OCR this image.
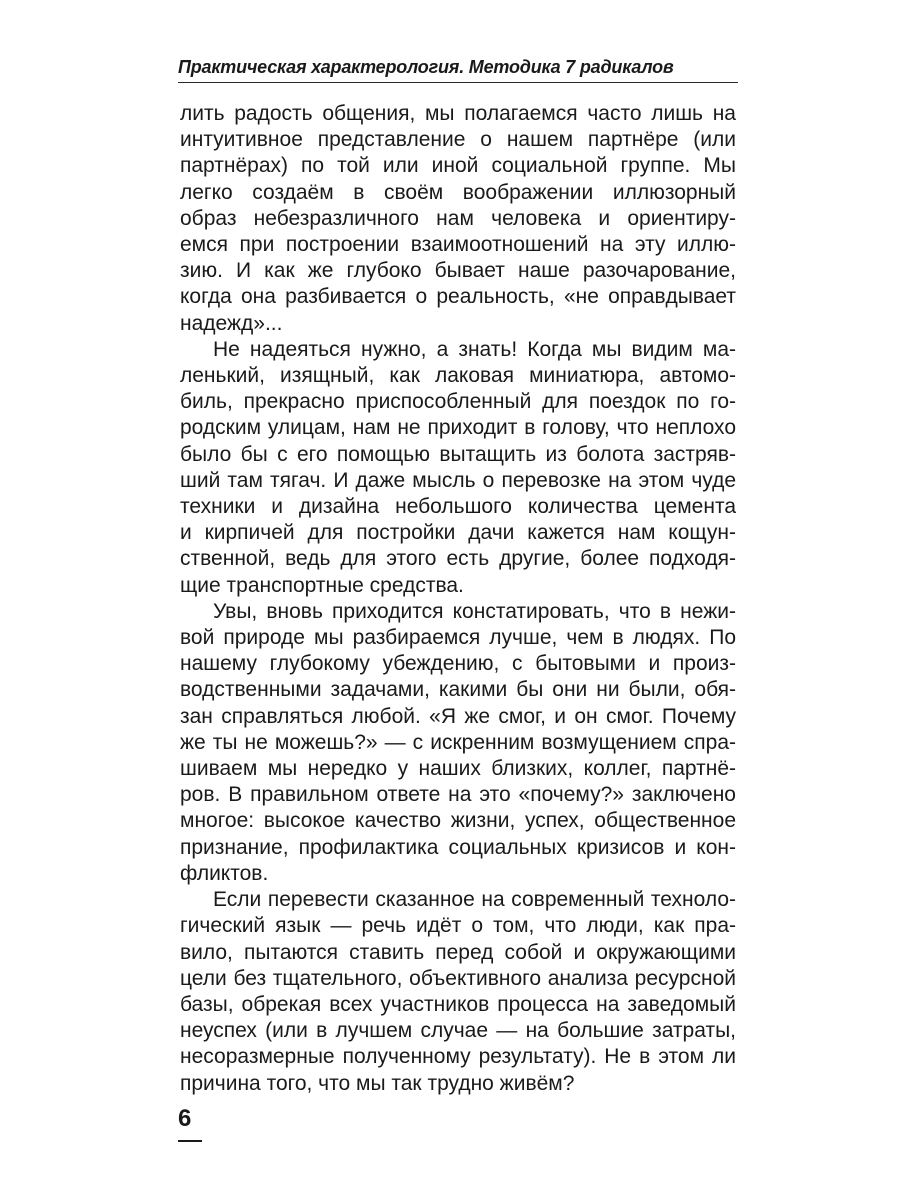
Практическая характерология. Методика 7 радикалов

лить радость общения, мы полагаемся часто лишь на
интуитивное представление о нашем партнёре (или
партнёрах) по той или иной социальной группе. Мы
легко создаём в своём воображении иллюзорный
образ небезразличного нам человека и ориентиру-
емся при построении взаимоотношений на эту иллю-
зию. И как же глубоко бывает наше разочарование,
когда она разбивается о реальность, «не оправдывает
надежд»...

Не надеяться нужно, а знать! Когда мы видим ма-
ленький, изящный, как лаковая миниатюра, автомо-
биль, прекрасно приспособленный для поездок по го-
родским улицам, нам не приходит в голову, что неплохо
было бы с его помощью вытащить из болота застряв-
ший там тягач. И даже мысль о перевозке на этом чуде
техники и дизайна небольшого количества цемента
и кирпичей для постройки дачи кажется нам кощун-
ственной, ведь для этого есть другие, более подходя-
щие транспортные средства.

Увы, вновь приходится констатировать, что в нежи-
вой природе мы разбираемся лучше, чем в людях. По
нашему глубокому убеждению, с бытовыми и произ-
водственными задачами, какими бы они ни были, обя-
зан справляться любой. «Я же смог, и он смог. Почему
же ты не можешь?» — с искренним возмущением спра-
шиваем мы нередко у наших близких, коллег, партнё-
ров. В правильном ответе на это «почему?» заключено
многое: высокое качество жизни, успех, общественное
признание, профилактика социальных кризисов и кон-
фликтов.

Если перевести сказанное на современный техноло-
гический язык — речь идёт о том, что люди, как пра-
вило, пытаются ставить перед собой и окружающими
цели без тщательного, объективного анализа ресурсной
базы, обрекая всех участников процесса на заведомый
неуспех (или в лучшем случае — на большие затраты,
несоразмерные полученному результату). Не в этом ли
причина того, что мы так трудно живём?

6
